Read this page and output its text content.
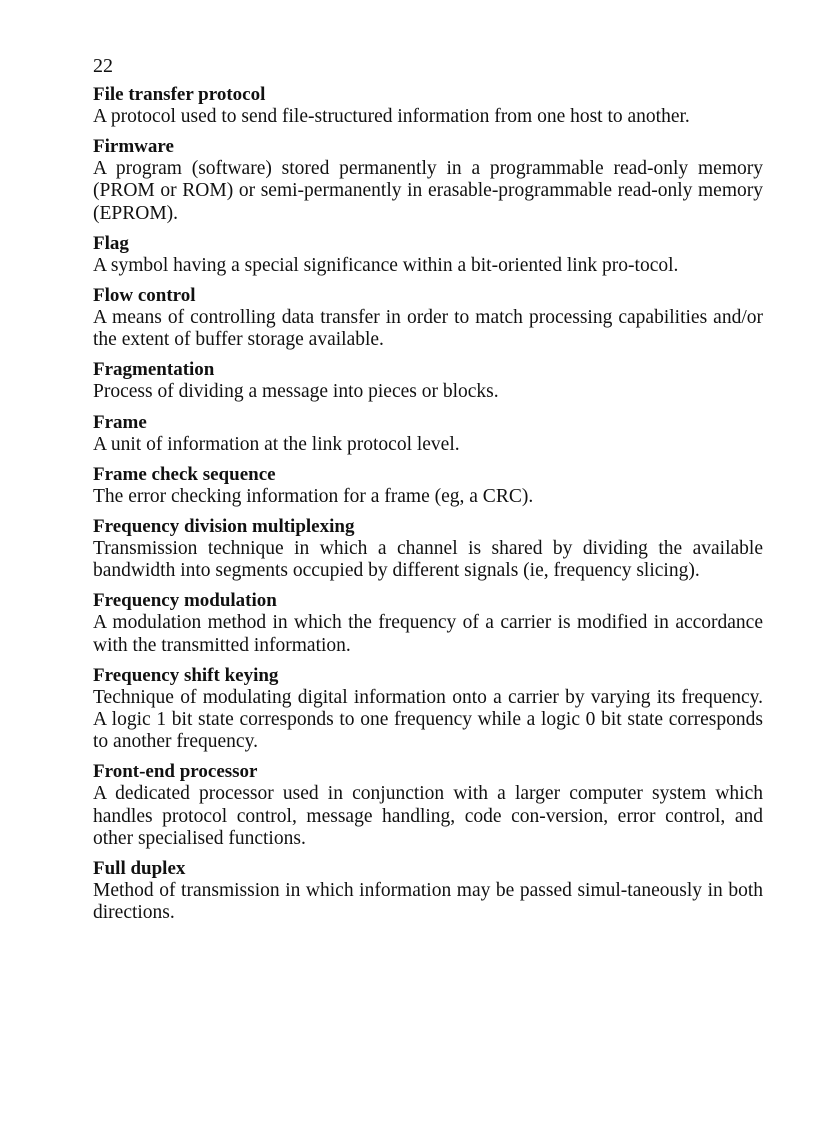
22
File transfer protocol
A protocol used to send file-structured information from one host to another.
Firmware
A program (software) stored permanently in a programmable read-only memory (PROM or ROM) or semi-permanently in erasable-programmable read-only memory (EPROM).
Flag
A symbol having a special significance within a bit-oriented link pro-tocol.
Flow control
A means of controlling data transfer in order to match processing capabilities and/or the extent of buffer storage available.
Fragmentation
Process of dividing a message into pieces or blocks.
Frame
A unit of information at the link protocol level.
Frame check sequence
The error checking information for a frame (eg, a CRC).
Frequency division multiplexing
Transmission technique in which a channel is shared by dividing the available bandwidth into segments occupied by different signals (ie, frequency slicing).
Frequency modulation
A modulation method in which the frequency of a carrier is modified in accordance with the transmitted information.
Frequency shift keying
Technique of modulating digital information onto a carrier by varying its frequency. A logic 1 bit state corresponds to one frequency while a logic 0 bit state corresponds to another frequency.
Front-end processor
A dedicated processor used in conjunction with a larger computer system which handles protocol control, message handling, code con-version, error control, and other specialised functions.
Full duplex
Method of transmission in which information may be passed simul-taneously in both directions.
